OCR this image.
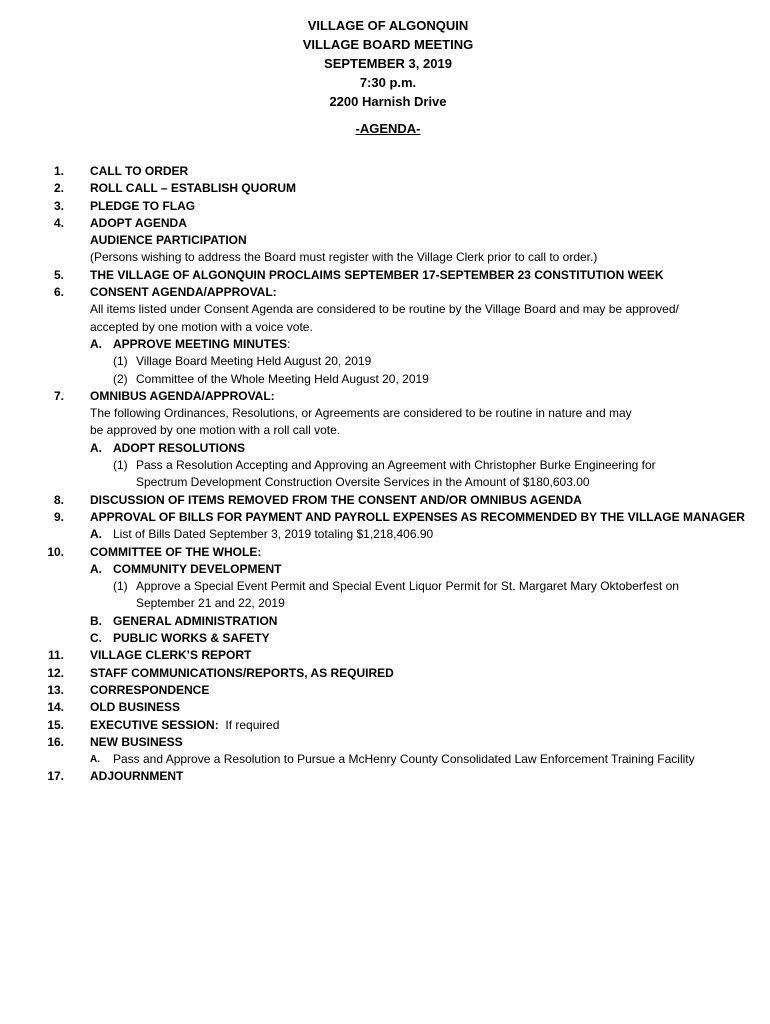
VILLAGE OF ALGONQUIN
VILLAGE BOARD MEETING
SEPTEMBER 3, 2019
7:30 p.m.
2200 Harnish Drive
-AGENDA-
1. CALL TO ORDER
2. ROLL CALL – ESTABLISH QUORUM
3. PLEDGE TO FLAG
4. ADOPT AGENDA
AUDIENCE PARTICIPATION
(Persons wishing to address the Board must register with the Village Clerk prior to call to order.)
5. THE VILLAGE OF ALGONQUIN PROCLAIMS SEPTEMBER 17-SEPTEMBER 23 CONSTITUTION WEEK
6. CONSENT AGENDA/APPROVAL:
All items listed under Consent Agenda are considered to be routine by the Village Board and may be approved/
accepted by one motion with a voice vote.
A. APPROVE MEETING MINUTES:
(1) Village Board Meeting Held August 20, 2019
(2) Committee of the Whole Meeting Held August 20, 2019
7. OMNIBUS AGENDA/APPROVAL:
The following Ordinances, Resolutions, or Agreements are considered to be routine in nature and may
be approved by one motion with a roll call vote.
A. ADOPT RESOLUTIONS
(1) Pass a Resolution Accepting and Approving an Agreement with Christopher Burke Engineering for
Spectrum Development Construction Oversite Services in the Amount of $180,603.00
8. DISCUSSION OF ITEMS REMOVED FROM THE CONSENT AND/OR OMNIBUS AGENDA
9. APPROVAL OF BILLS FOR PAYMENT AND PAYROLL EXPENSES AS RECOMMENDED BY THE VILLAGE MANAGER
A. List of Bills Dated September 3, 2019 totaling $1,218,406.90
10. COMMITTEE OF THE WHOLE:
A. COMMUNITY DEVELOPMENT
(1) Approve a Special Event Permit and Special Event Liquor Permit for St. Margaret Mary Oktoberfest on
September 21 and 22, 2019
B. GENERAL ADMINISTRATION
C. PUBLIC WORKS & SAFETY
11. VILLAGE CLERK’S REPORT
12. STAFF COMMUNICATIONS/REPORTS, AS REQUIRED
13. CORRESPONDENCE
14. OLD BUSINESS
15. EXECUTIVE SESSION: If required
16. NEW BUSINESS
A. Pass and Approve a Resolution to Pursue a McHenry County Consolidated Law Enforcement Training Facility
17. ADJOURNMENT
